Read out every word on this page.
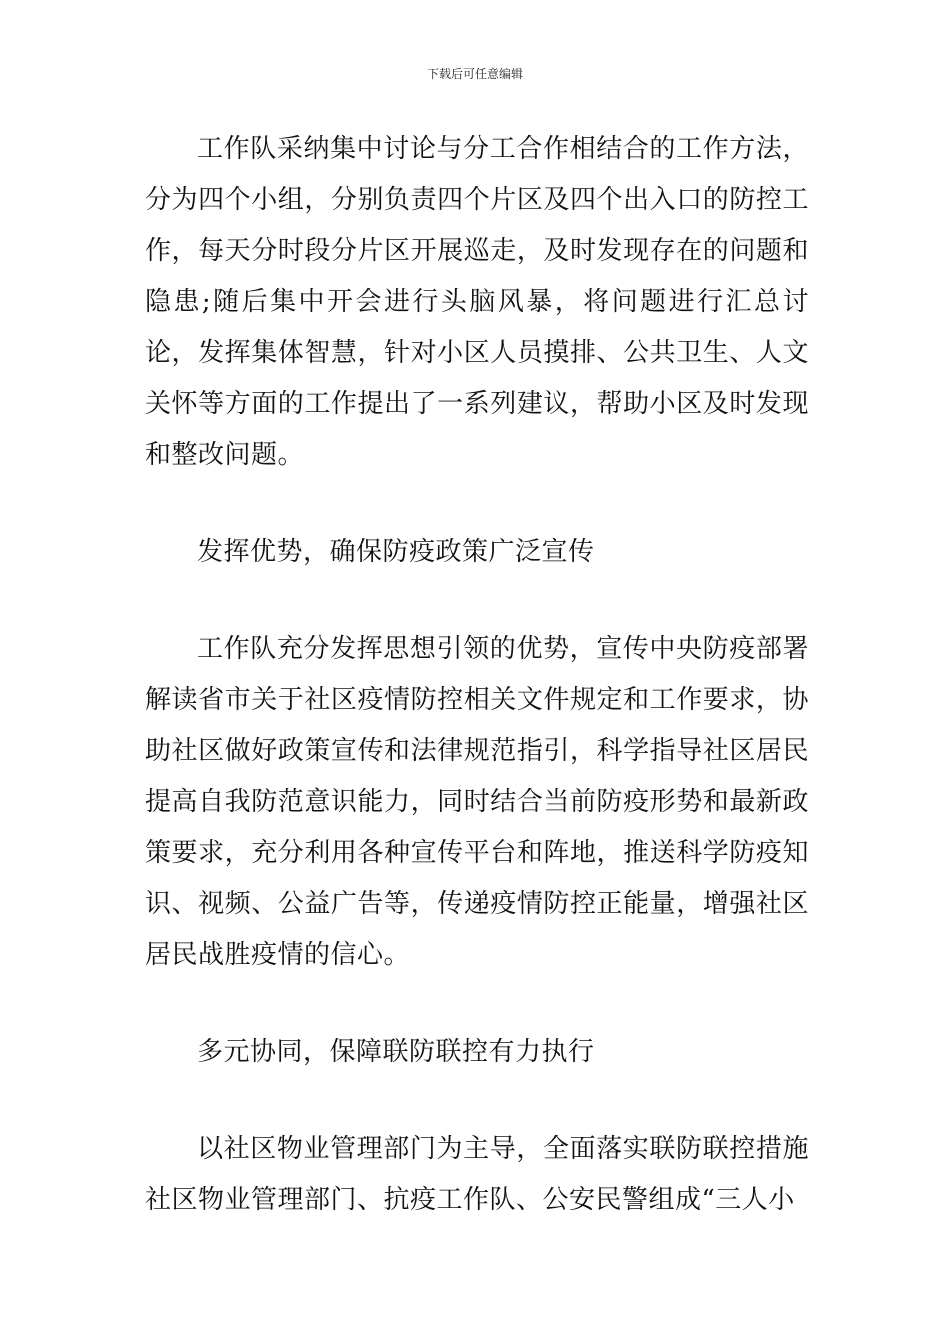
下载后可任意编辑

工作队采纳集中讨论与分工合作相结合的工作方法，分为四个小组，分别负责四个片区及四个出入口的防控工作，每天分时段分片区开展巡走，及时发现存在的问题和隐患;随后集中开会进行头脑风暴，将问题进行汇总讨论，发挥集体智慧，针对小区人员摸排、公共卫生、人文关怀等方面的工作提出了一系列建议，帮助小区及时发现和整改问题。

发挥优势，确保防疫政策广泛宣传

工作队充分发挥思想引领的优势，宣传中央防疫部署解读省市关于社区疫情防控相关文件规定和工作要求，协助社区做好政策宣传和法律规范指引，科学指导社区居民提高自我防范意识能力，同时结合当前防疫形势和最新政策要求，充分利用各种宣传平台和阵地，推送科学防疫知识、视频、公益广告等，传递疫情防控正能量，增强社区居民战胜疫情的信心。

多元协同，保障联防联控有力执行

以社区物业管理部门为主导，全面落实联防联控措施社区物业管理部门、抗疫工作队、公安民警组成“三人小
